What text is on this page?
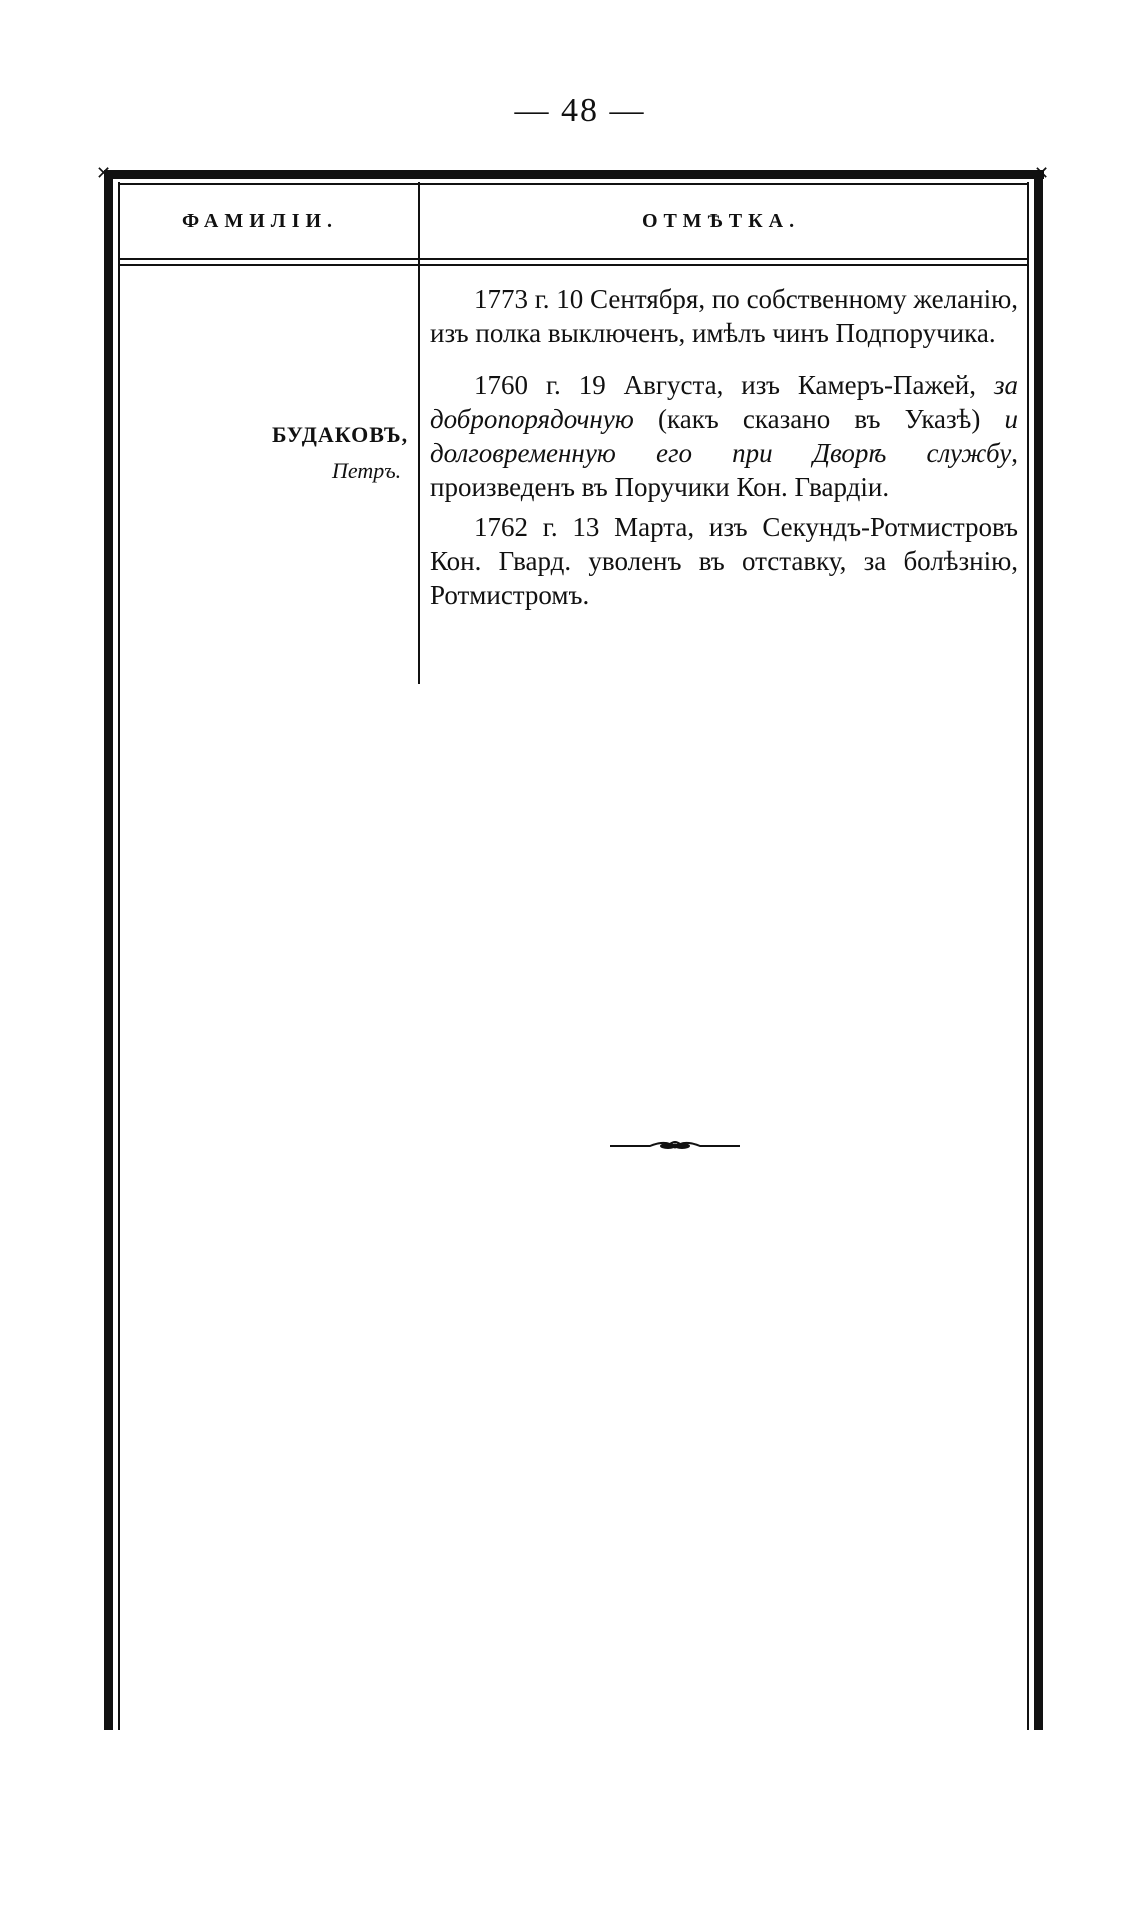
— 48 —
✕	✕
ФАМИЛІИ.	ОТМѢТКА.
БУДАКОВЪ,
Петръ.

1773 г. 10 Сентября, по собственному желанію, изъ полка выключенъ, имѣлъ чинъ Подпоручика.

1760 г. 19 Августа, изъ Камеръ-Пажей, за добропорядочную (какъ сказано въ Указѣ) и долговременную его при Дворѣ службу, произведенъ въ Поручики Кон. Гвардіи.

1762 г. 13 Марта, изъ Секундъ-Ротмистровъ Кон. Гвард. уволенъ въ отставку, за болѣзнію, Ротмистромъ.
